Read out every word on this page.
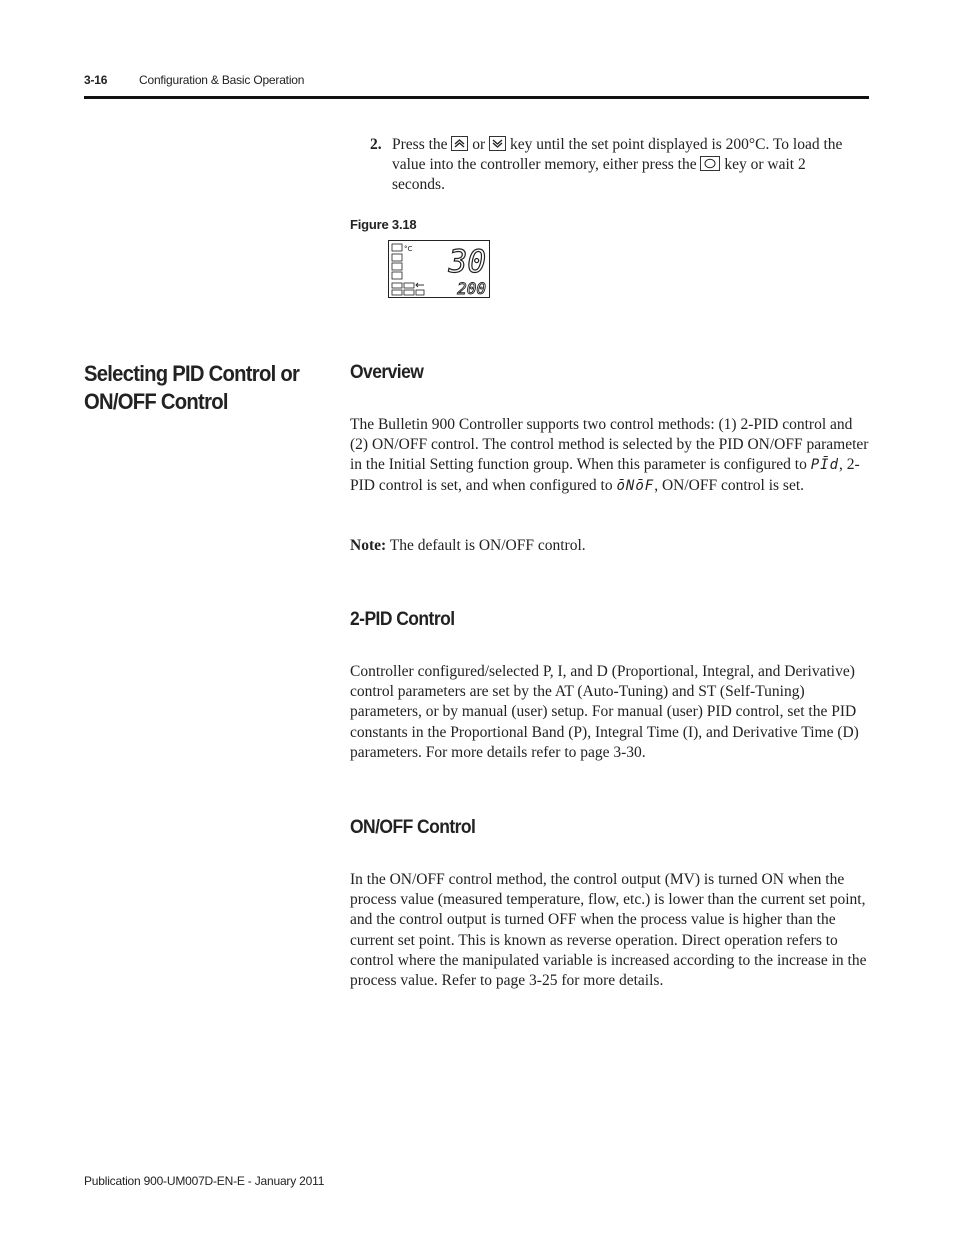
3-16	Configuration & Basic Operation
2. Press the or key until the set point displayed is 200°C. To load the value into the controller memory, either press the key or wait 2 seconds.
Figure 3.18
°C 30
200
Selecting PID Control or ON/OFF Control
Overview
The Bulletin 900 Controller supports two control methods: (1) 2-PID control and (2) ON/OFF control. The control method is selected by the PID ON/OFF parameter in the Initial Setting function group. When this parameter is configured to PĪd, 2-PID control is set, and when configured to ōNōF, ON/OFF control is set.
Note: The default is ON/OFF control.
2-PID Control
Controller configured/selected P, I, and D (Proportional, Integral, and Derivative) control parameters are set by the AT (Auto-Tuning) and ST (Self-Tuning) parameters, or by manual (user) setup. For manual (user) PID control, set the PID constants in the Proportional Band (P), Integral Time (I), and Derivative Time (D) parameters. For more details refer to page 3-30.
ON/OFF Control
In the ON/OFF control method, the control output (MV) is turned ON when the process value (measured temperature, flow, etc.) is lower than the current set point, and the control output is turned OFF when the process value is higher than the current set point. This is known as reverse operation. Direct operation refers to control where the manipulated variable is increased according to the increase in the process value. Refer to page 3-25 for more details.
Publication 900-UM007D-EN-E - January 2011
